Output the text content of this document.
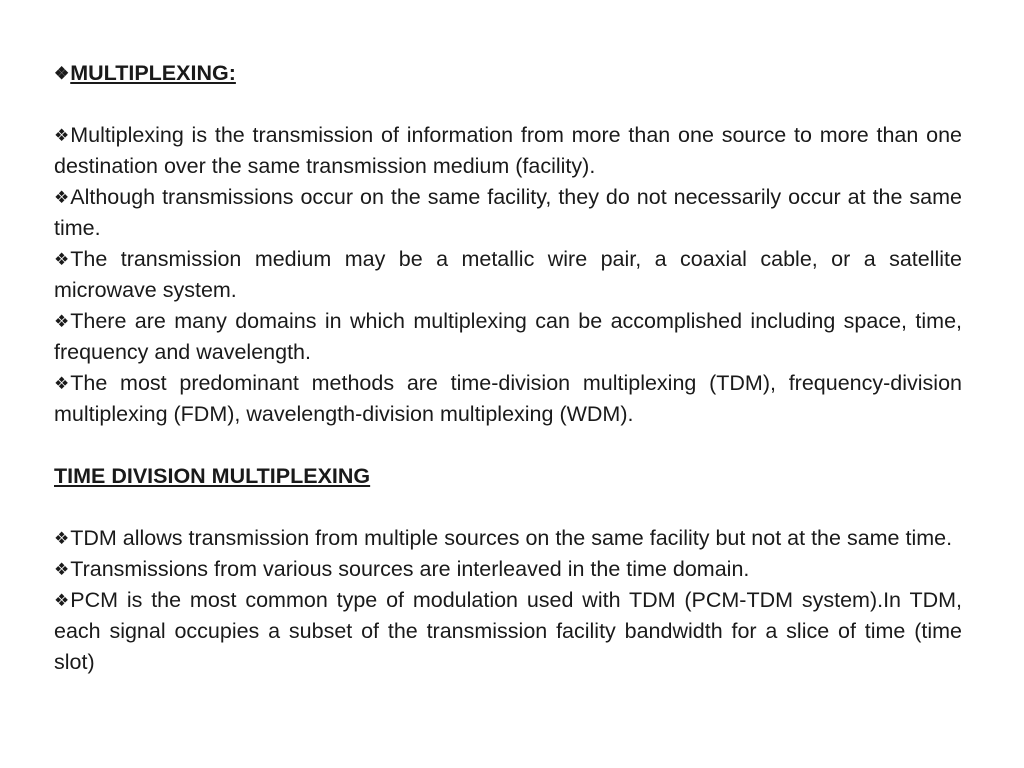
❖MULTIPLEXING:

❖Multiplexing is the transmission of information from more than one source to more than one destination over the same transmission medium (facility).

❖Although transmissions occur on the same facility, they do not necessarily occur at the same time.

❖The transmission medium may be a metallic wire pair, a coaxial cable, or a satellite microwave system.

❖There are many domains in which multiplexing can be accomplished including space, time, frequency and wavelength.

❖The most predominant methods are time-division multiplexing (TDM), frequency-division multiplexing (FDM), wavelength-division multiplexing (WDM).

TIME DIVISION MULTIPLEXING

❖TDM allows transmission from multiple sources on the same facility but not at the same time.

❖Transmissions from various sources are interleaved in the time domain.

❖PCM is the most common type of modulation used with TDM (PCM-TDM system).In TDM, each signal occupies a subset of the transmission facility bandwidth for a slice of time (time slot)
